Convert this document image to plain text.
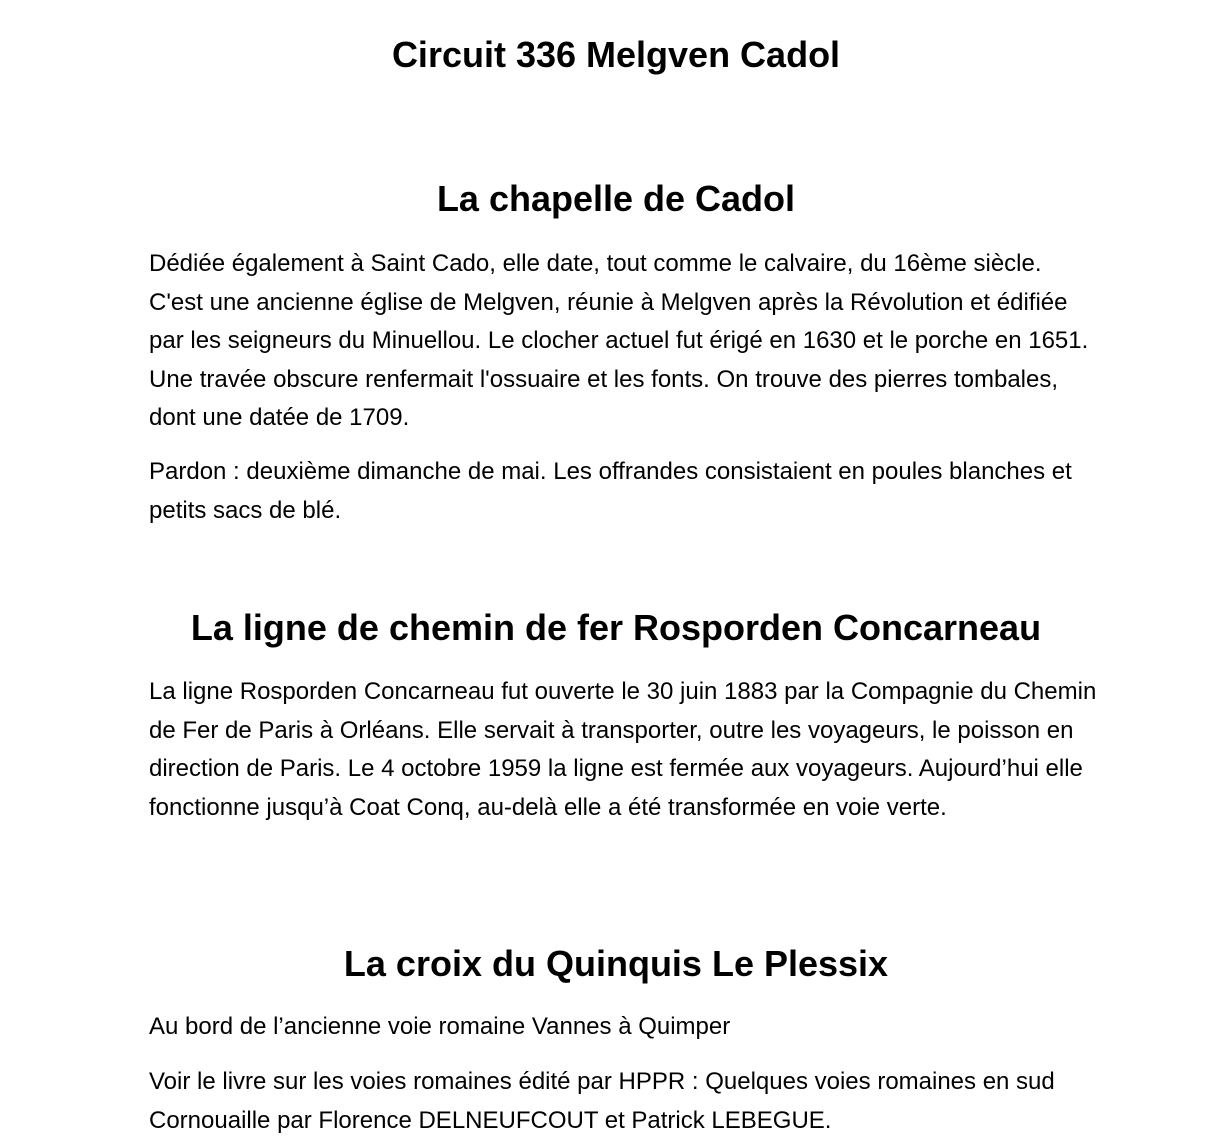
Circuit 336 Melgven Cadol
La chapelle de Cadol

Dédiée également à Saint Cado, elle date, tout comme le calvaire, du 16ème siècle. C'est une ancienne église de Melgven, réunie à Melgven après la Révolution et édifiée par les seigneurs du Minuellou. Le clocher actuel fut érigé en 1630 et le porche en 1651. Une travée obscure renfermait l'ossuaire et les fonts. On trouve des pierres tombales, dont une datée de 1709.

Pardon : deuxième dimanche de mai. Les offrandes consistaient en poules blanches et petits sacs de blé.

La ligne de chemin de fer Rosporden Concarneau

La ligne Rosporden Concarneau fut ouverte le 30 juin 1883 par la Compagnie du Chemin de Fer de Paris à Orléans. Elle servait à transporter, outre les voyageurs, le poisson en direction de Paris. Le 4 octobre 1959 la ligne est fermée aux voyageurs. Aujourd’hui elle fonctionne jusqu’à Coat Conq, au-delà elle a été transformée en voie verte.

La croix du Quinquis Le Plessix

Au bord de l’ancienne voie romaine Vannes à Quimper

Voir le livre sur les voies romaines édité par HPPR : Quelques voies romaines en sud Cornouaille par Florence DELNEUFCOUT et Patrick LEBEGUE.
